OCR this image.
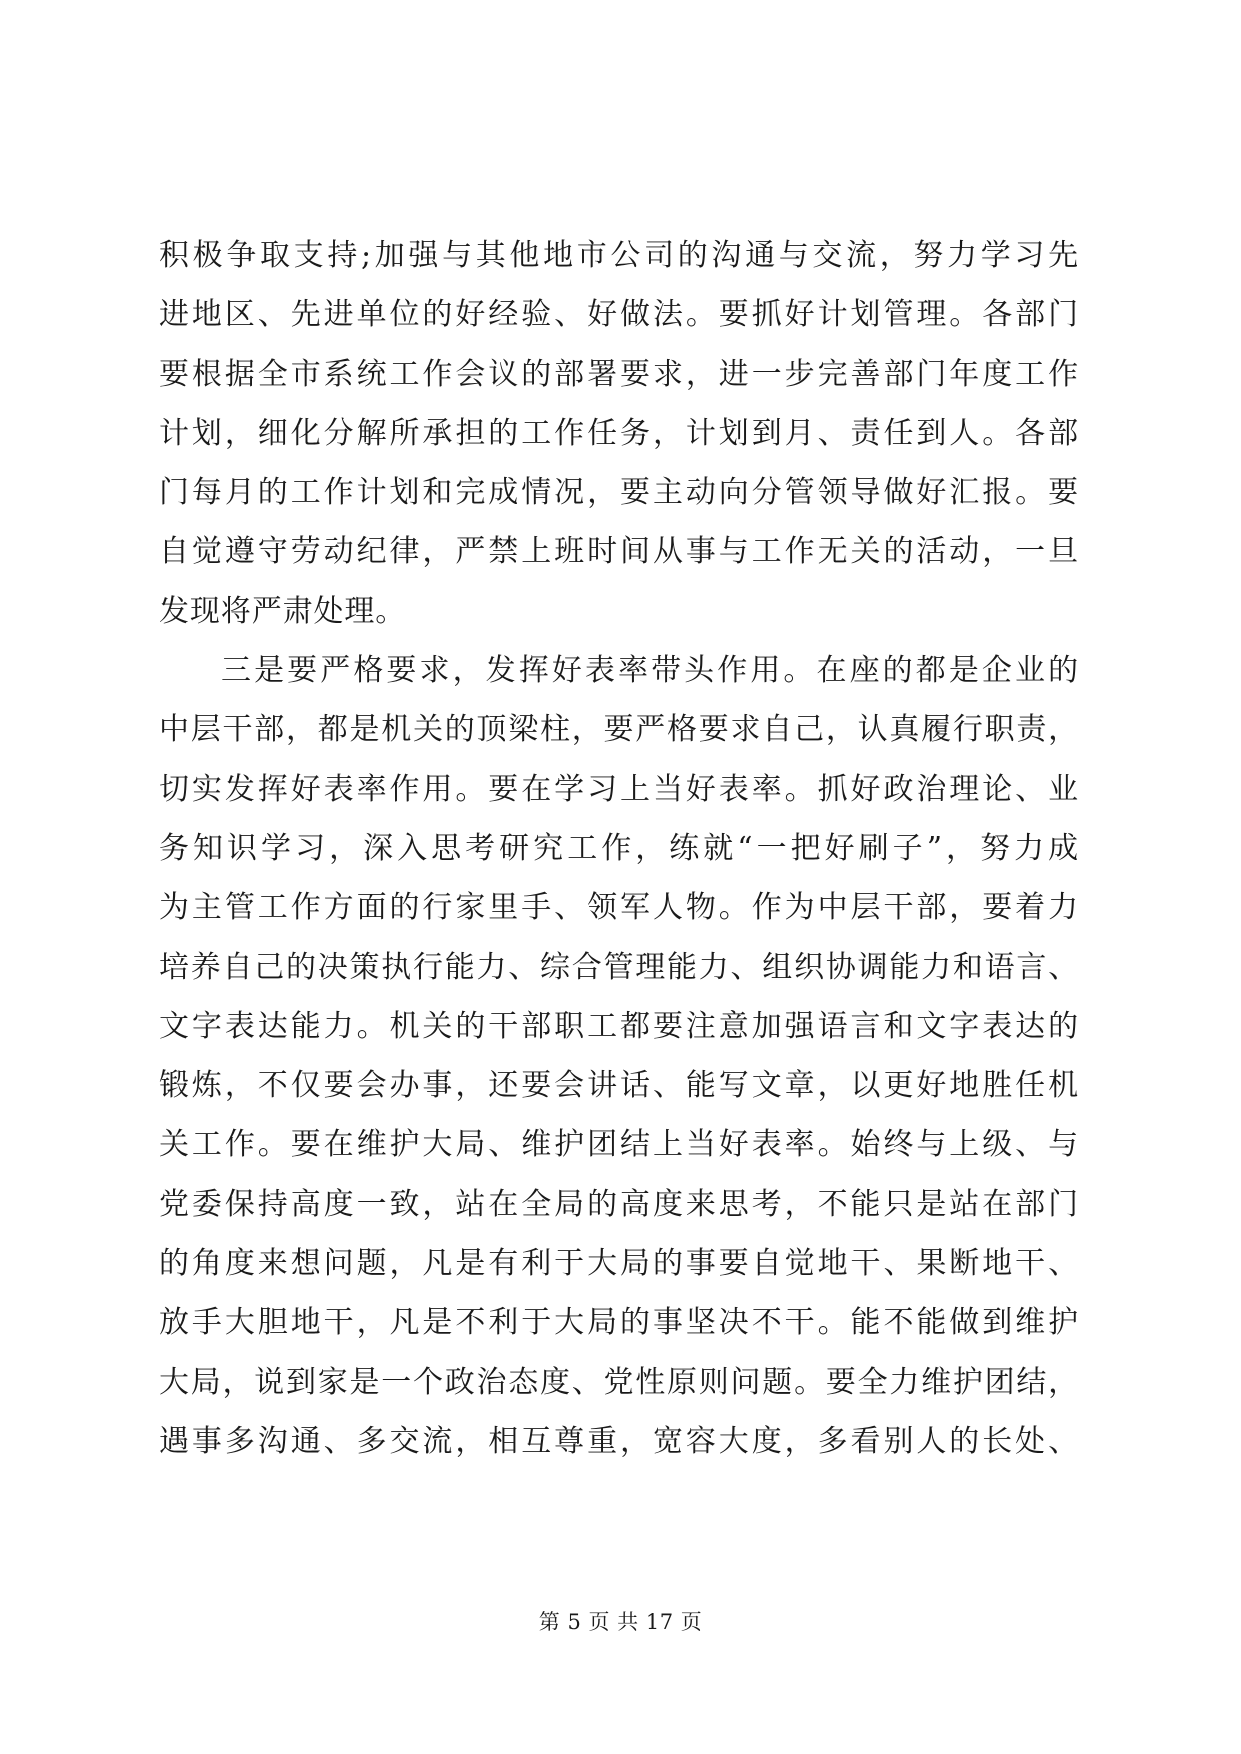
积极争取支持;加强与其他地市公司的沟通与交流，努力学习先
进地区、先进单位的好经验、好做法。要抓好计划管理。各部门
要根据全市系统工作会议的部署要求，进一步完善部门年度工作
计划，细化分解所承担的工作任务，计划到月、责任到人。各部
门每月的工作计划和完成情况，要主动向分管领导做好汇报。要
自觉遵守劳动纪律，严禁上班时间从事与工作无关的活动，一旦
发现将严肃处理。
三是要严格要求，发挥好表率带头作用。在座的都是企业的
中层干部，都是机关的顶梁柱，要严格要求自己，认真履行职责，
切实发挥好表率作用。要在学习上当好表率。抓好政治理论、业
务知识学习，深入思考研究工作，练就“一把好刷子”，努力成
为主管工作方面的行家里手、领军人物。作为中层干部，要着力
培养自己的决策执行能力、综合管理能力、组织协调能力和语言、
文字表达能力。机关的干部职工都要注意加强语言和文字表达的
锻炼，不仅要会办事，还要会讲话、能写文章，以更好地胜任机
关工作。要在维护大局、维护团结上当好表率。始终与上级、与
党委保持高度一致，站在全局的高度来思考，不能只是站在部门
的角度来想问题，凡是有利于大局的事要自觉地干、果断地干、
放手大胆地干，凡是不利于大局的事坚决不干。能不能做到维护
大局，说到家是一个政治态度、党性原则问题。要全力维护团结，
遇事多沟通、多交流，相互尊重，宽容大度，多看别人的长处、
第 5 页 共 17 页
